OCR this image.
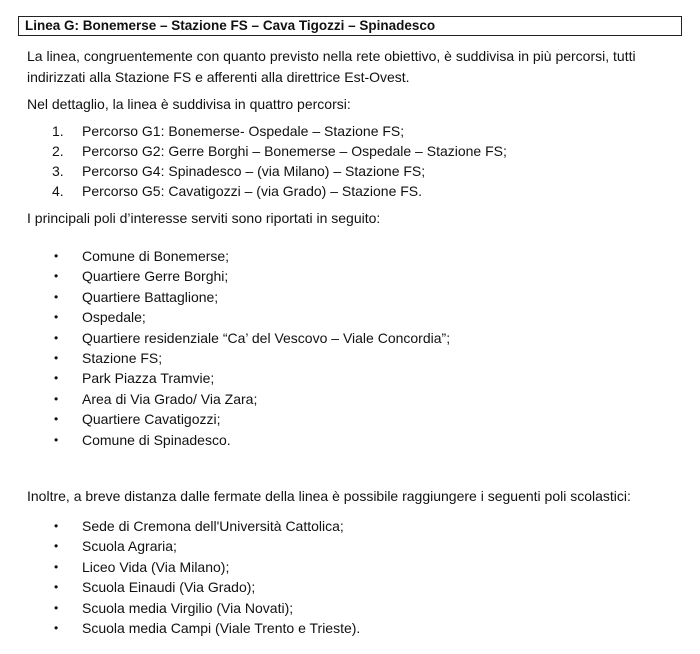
Linea G: Bonemerse – Stazione FS – Cava Tigozzi – Spinadesco

La linea, congruentemente con quanto previsto nella rete obiettivo, è suddivisa in più percorsi, tutti indirizzati alla Stazione FS e afferenti alla direttrice Est-Ovest.

Nel dettaglio, la linea è suddivisa in quattro percorsi:

1.	Percorso G1: Bonemerse- Ospedale – Stazione FS;
2.	Percorso G2: Gerre Borghi – Bonemerse – Ospedale – Stazione FS;
3.	Percorso G4: Spinadesco – (via Milano) – Stazione FS;
4.	Percorso G5: Cavatigozzi – (via Grado) – Stazione FS.

I principali poli d’interesse serviti sono riportati in seguito:

•	Comune di Bonemerse;
•	Quartiere Gerre Borghi;
•	Quartiere Battaglione;
•	Ospedale;
•	Quartiere residenziale “Ca’ del Vescovo – Viale Concordia”;
•	Stazione FS;
•	Park Piazza Tramvie;
•	Area di Via Grado/ Via Zara;
•	Quartiere Cavatigozzi;
•	Comune di Spinadesco.

Inoltre, a breve distanza dalle fermate della linea è possibile raggiungere i seguenti poli scolastici:

•	Sede di Cremona dell'Università Cattolica;
•	Scuola Agraria;
•	Liceo Vida (Via Milano);
•	Scuola Einaudi (Via Grado);
•	Scuola media Virgilio (Via Novati);
•	Scuola media Campi (Viale Trento e Trieste).
